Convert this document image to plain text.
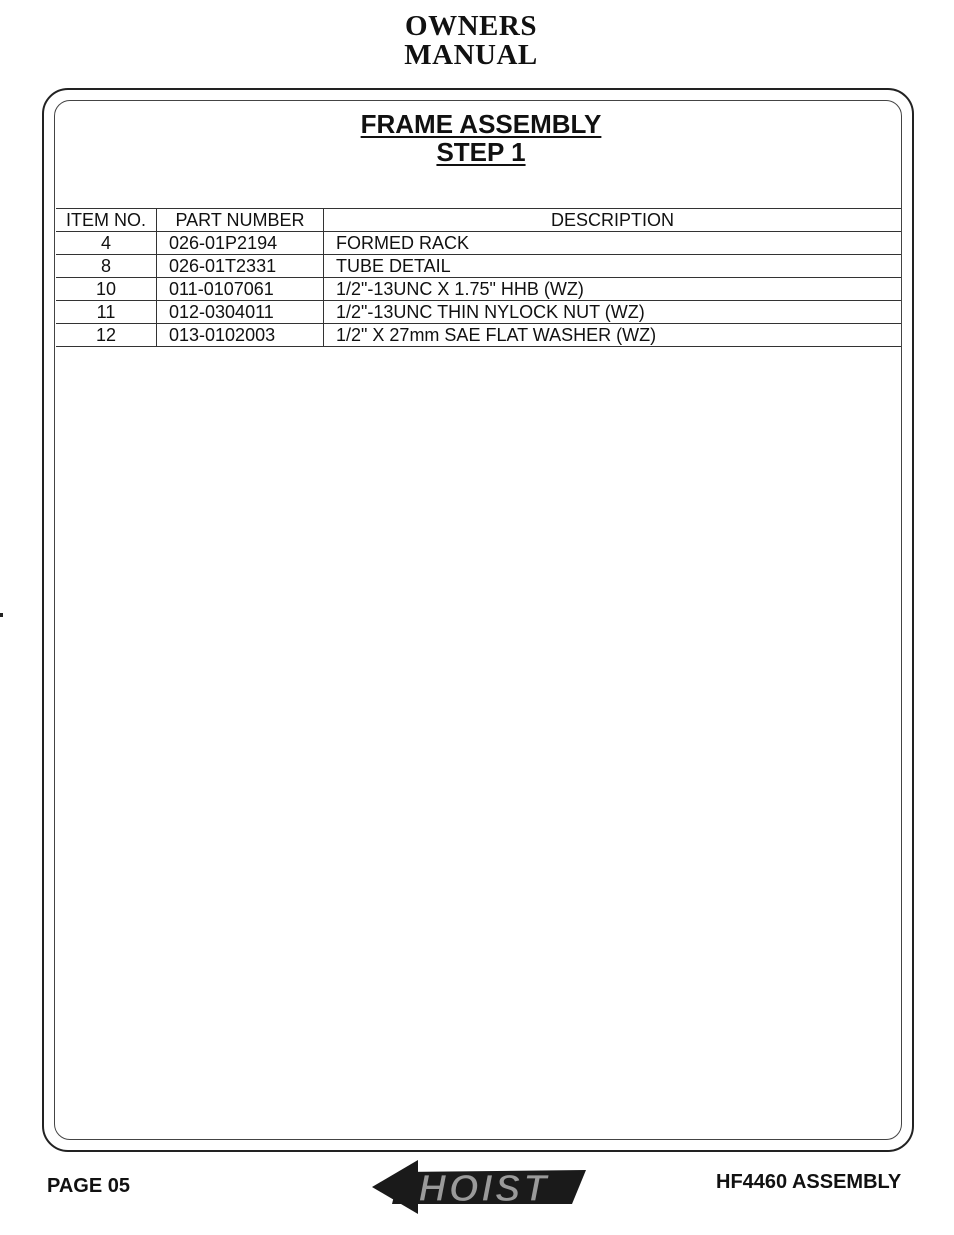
OWNERS
MANUAL
FRAME ASSEMBLY
STEP 1
ITEM NO.	PART NUMBER	DESCRIPTION
4	026-01P2194	FORMED RACK
8	026-01T2331	TUBE DETAIL
10	011-0107061	1/2"-13UNC X 1.75" HHB (WZ)
11	012-0304011	1/2"-13UNC THIN NYLOCK NUT (WZ)
12	013-0102003	1/2" X 27mm SAE FLAT WASHER (WZ)
PAGE 05	HOIST	HF4460 ASSEMBLY
